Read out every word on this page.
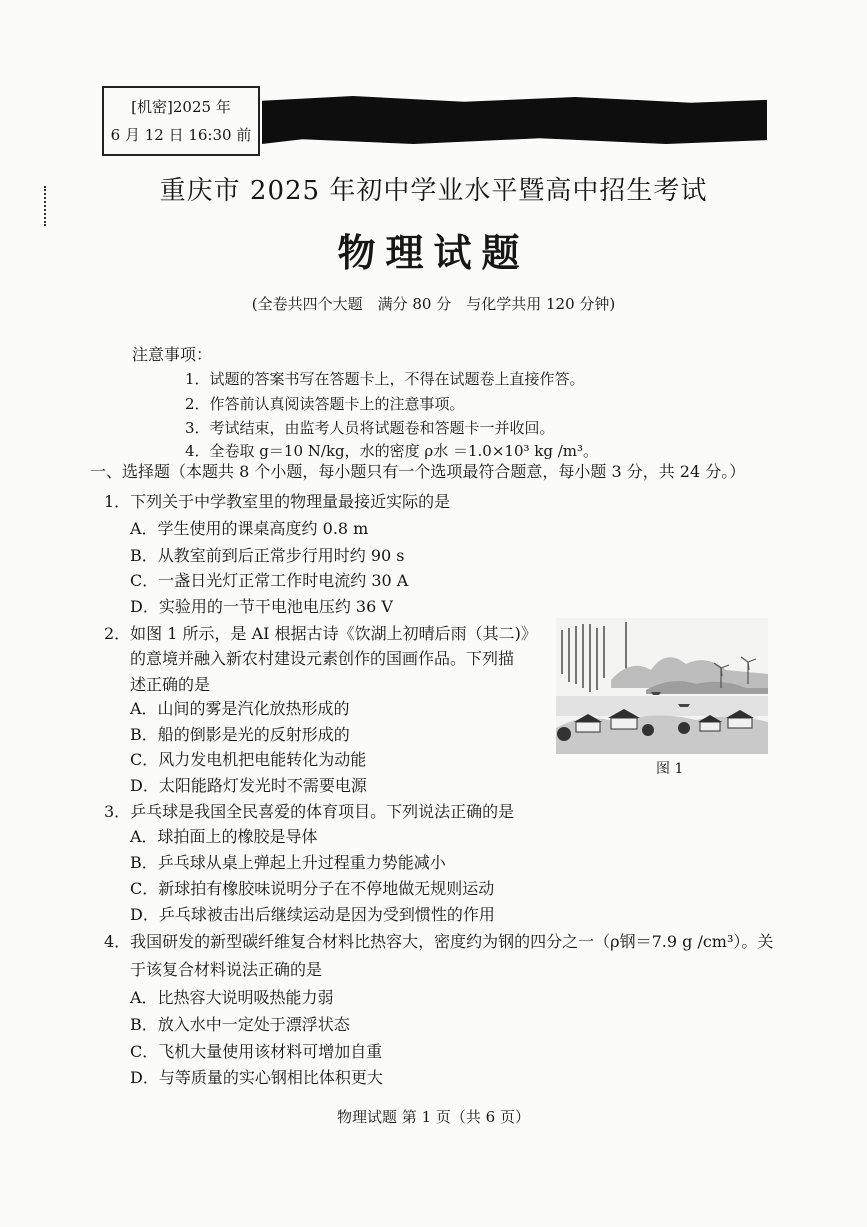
[机密]2025 年
6 月 12 日 16:30 前
重庆市 2025 年初中学业水平暨高中招生考试
物理试题
(全卷共四个大题　满分 80 分　与化学共用 120 分钟)
注意事项：
1．试题的答案书写在答题卡上，不得在试题卷上直接作答。
2．作答前认真阅读答题卡上的注意事项。
3．考试结束，由监考人员将试题卷和答题卡一并收回。
4．全卷取 g＝10 N/kg，水的密度 ρ水 ＝1.0×10³ kg /m³。
一、选择题（本题共 8 个小题，每小题只有一个选项最符合题意，每小题 3 分，共 24 分。）
1．下列关于中学教室里的物理量最接近实际的是
A．学生使用的课桌高度约 0.8 m
B．从教室前到后正常步行用时约 90 s
C．一盏日光灯正常工作时电流约 30 A
D．实验用的一节干电池电压约 36 V
2．如图 1 所示，是 AI 根据古诗《饮湖上初晴后雨（其二)》
的意境并融入新农村建设元素创作的国画作品。下列描
述正确的是
A．山间的雾是汽化放热形成的
B．船的倒影是光的反射形成的
C．风力发电机把电能转化为动能
D．太阳能路灯发光时不需要电源
图 1
3．乒乓球是我国全民喜爱的体育项目。下列说法正确的是
A．球拍面上的橡胶是导体
B．乒乓球从桌上弹起上升过程重力势能减小
C．新球拍有橡胶味说明分子在不停地做无规则运动
D．乒乓球被击出后继续运动是因为受到惯性的作用
4．我国研发的新型碳纤维复合材料比热容大，密度约为钢的四分之一（ρ钢＝7.9 g /cm³）。关
于该复合材料说法正确的是
A．比热容大说明吸热能力弱
B．放入水中一定处于漂浮状态
C．飞机大量使用该材料可增加自重
D．与等质量的实心钢相比体积更大
物理试题 第 1 页（共 6 页）
